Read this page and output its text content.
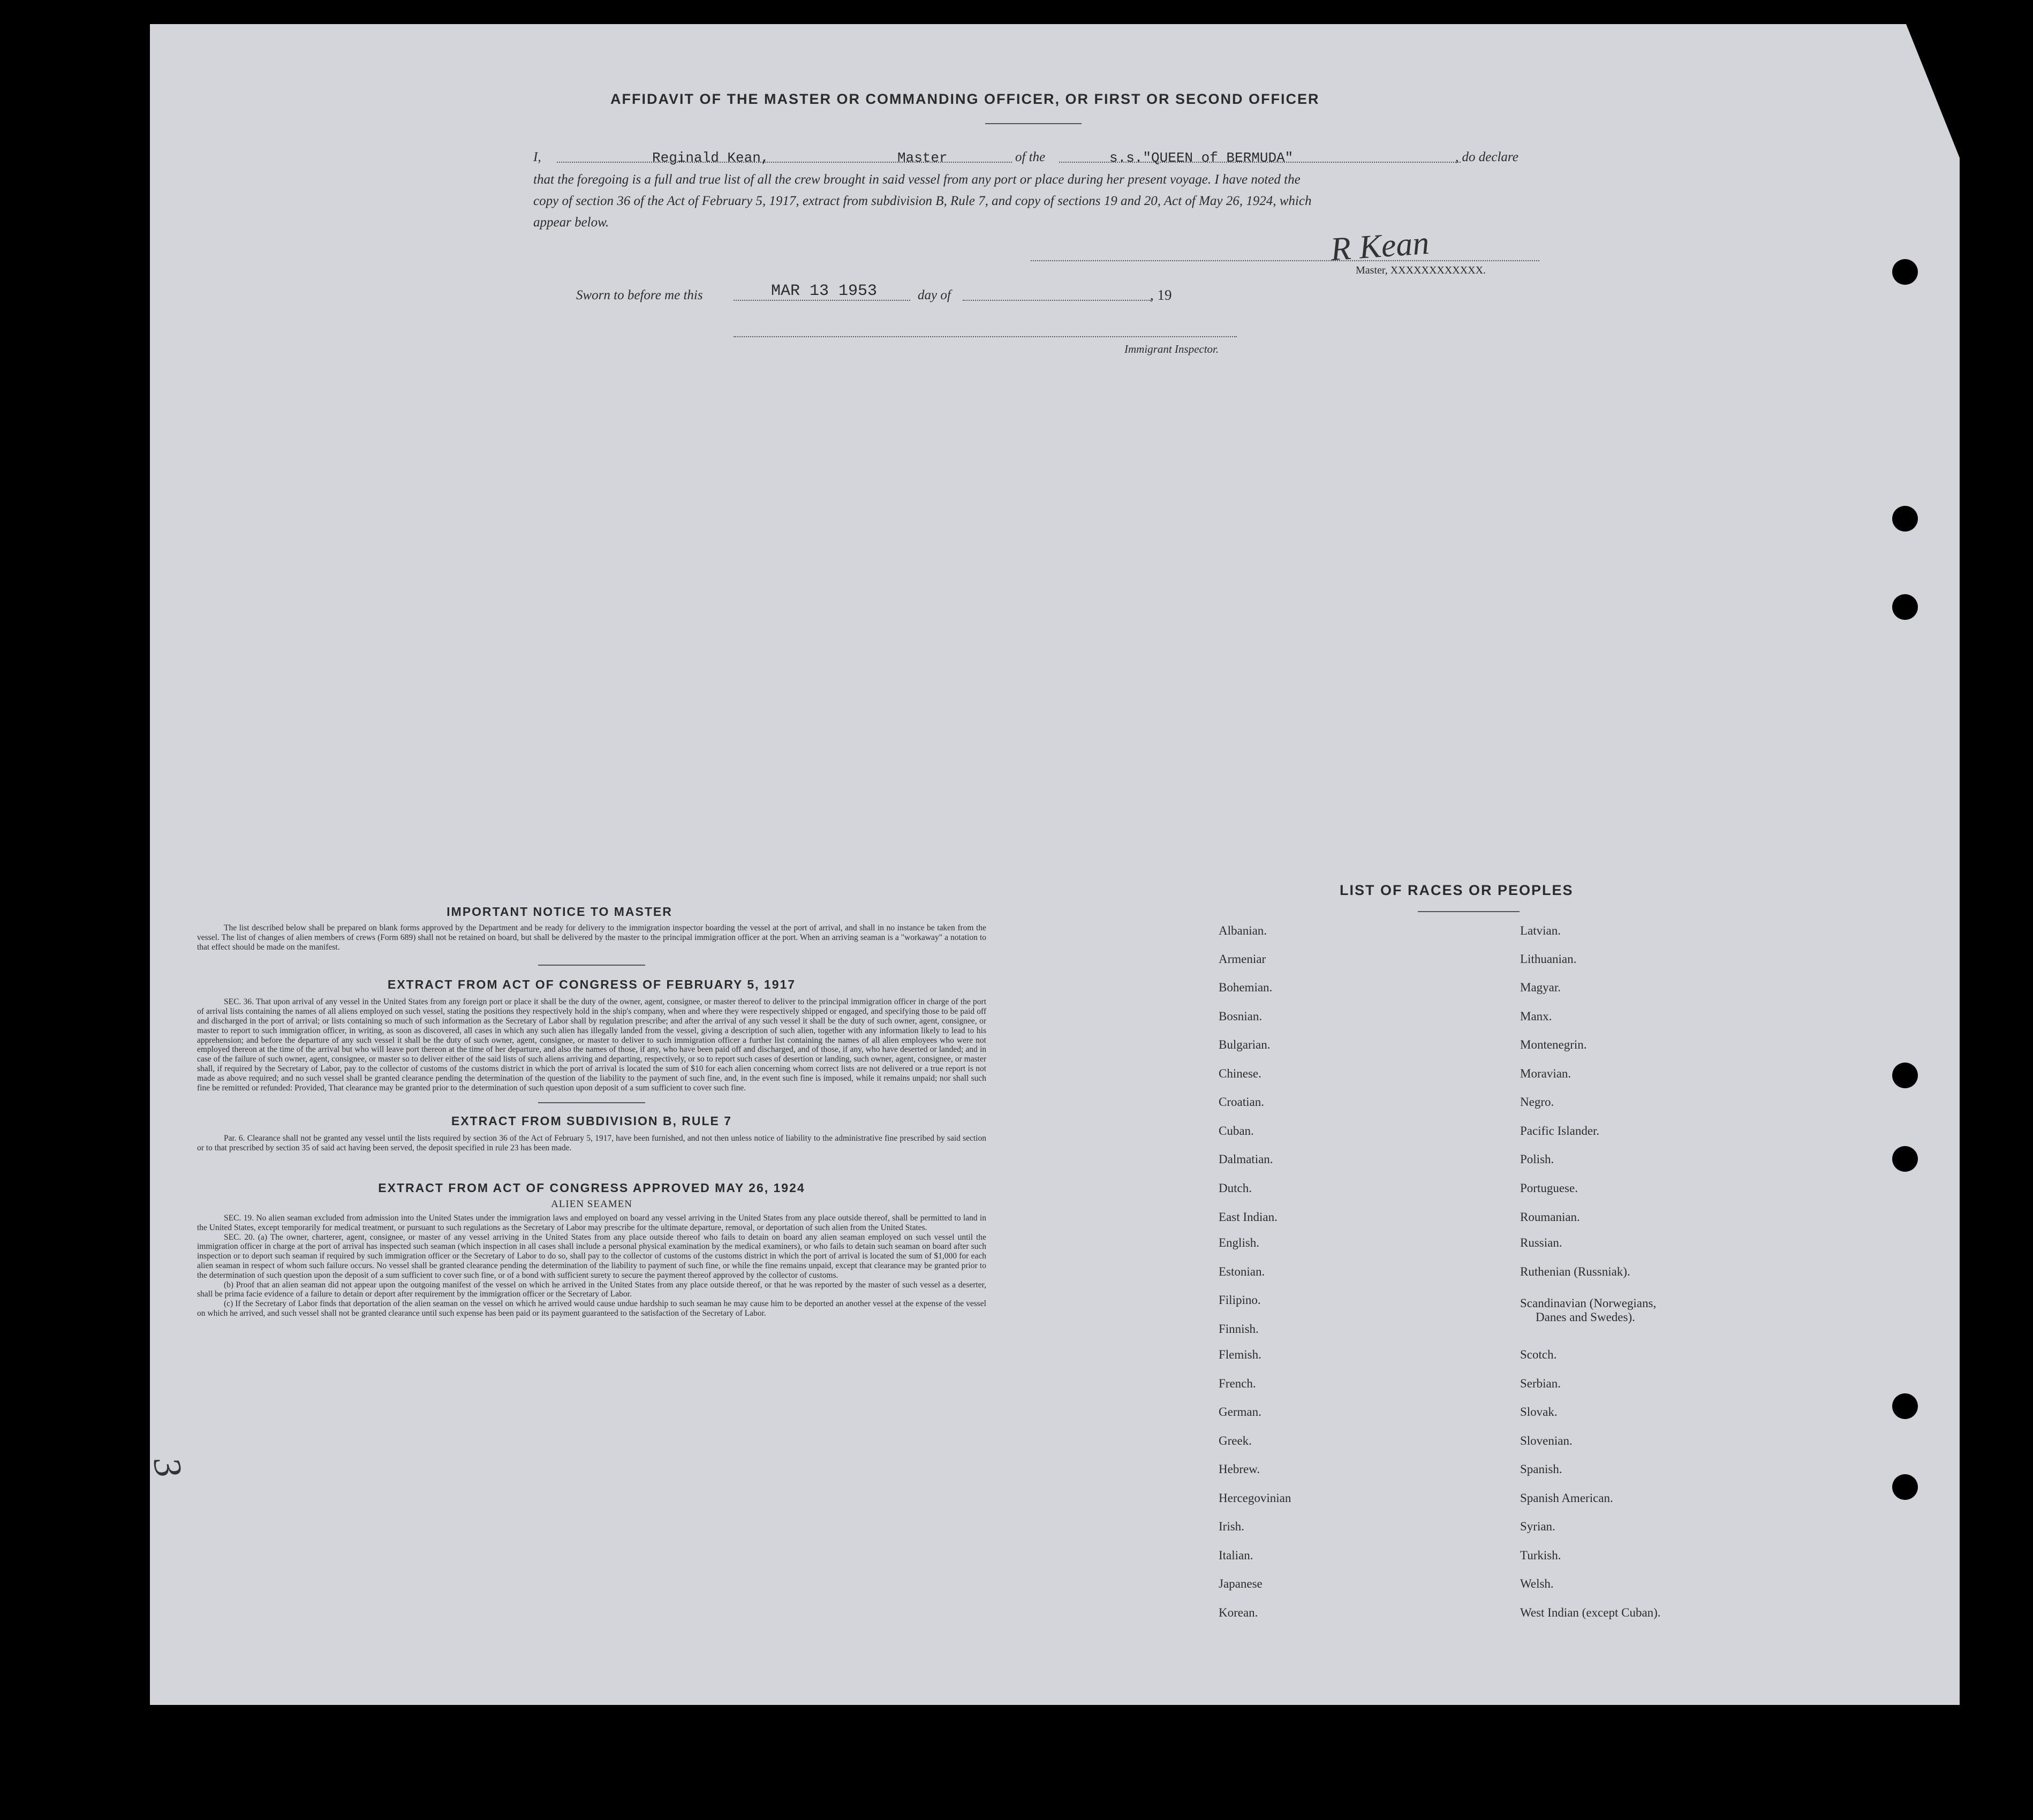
AFFIDAVIT OF THE MASTER OR COMMANDING OFFICER, OR FIRST OR SECOND OFFICER
I,	Reginald Kean,	Master	of the	s.s."QUEEN of BERMUDA"	, do declare
that the foregoing is a full and true list of all the crew brought in said vessel from any port or place during her present voyage. I have noted the
copy of section 36 of the Act of February 5, 1917, extract from subdivision B, Rule 7, and copy of sections 19 and 20, Act of May 26, 1924, which
appear below.
R Kean
Master, XXXXXXXXXXXX.
Sworn to before me this	MAR 13 1953	day of	, 19
Immigrant Inspector.
IMPORTANT NOTICE TO MASTER
The list described below shall be prepared on blank forms approved by the Department and be ready for delivery to the immigration inspector boarding the vessel at the port of arrival, and shall in no instance be taken from the vessel. The list of changes of alien members of crews (Form 689) shall not be retained on board, but shall be delivered by the master to the principal immigration officer at the port. When an arriving seaman is a "workaway" a notation to that effect should be made on the manifest.
EXTRACT FROM ACT OF CONGRESS OF FEBRUARY 5, 1917
SEC. 36. That upon arrival of any vessel in the United States from any foreign port or place it shall be the duty of the owner, agent, consignee, or master thereof to deliver to the principal immigration officer in charge of the port of arrival lists containing the names of all aliens employed on such vessel, stating the positions they respectively hold in the ship's company, when and where they were respectively shipped or engaged, and specifying those to be paid off and discharged in the port of arrival; or lists containing so much of such information as the Secretary of Labor shall by regulation prescribe; and after the arrival of any such vessel it shall be the duty of such owner, agent, consignee, or master to report to such immigration officer, in writing, as soon as discovered, all cases in which any such alien has illegally landed from the vessel, giving a description of such alien, together with any information likely to lead to his apprehension; and before the departure of any such vessel it shall be the duty of such owner, agent, consignee, or master to deliver to such immigration officer a further list containing the names of all alien employees who were not employed thereon at the time of the arrival but who will leave port thereon at the time of her departure, and also the names of those, if any, who have been paid off and discharged, and of those, if any, who have deserted or landed; and in case of the failure of such owner, agent, consignee, or master so to deliver either of the said lists of such aliens arriving and departing, respectively, or so to report such cases of desertion or landing, such owner, agent, consignee, or master shall, if required by the Secretary of Labor, pay to the collector of customs of the customs district in which the port of arrival is located the sum of $10 for each alien concerning whom correct lists are not delivered or a true report is not made as above required; and no such vessel shall be granted clearance pending the determination of the question of the liability to the payment of such fine, and, in the event such fine is imposed, while it remains unpaid; nor shall such fine be remitted or refunded: Provided, That clearance may be granted prior to the determination of such question upon deposit of a sum sufficient to cover such fine.
EXTRACT FROM SUBDIVISION B, RULE 7
Par. 6. Clearance shall not be granted any vessel until the lists required by section 36 of the Act of February 5, 1917, have been furnished, and not then unless notice of liability to the administrative fine prescribed by said section or to that prescribed by section 35 of said act having been served, the deposit specified in rule 23 has been made.
EXTRACT FROM ACT OF CONGRESS APPROVED MAY 26, 1924
ALIEN SEAMEN
SEC. 19. No alien seaman excluded from admission into the United States under the immigration laws and employed on board any vessel arriving in the United States from any place outside thereof, shall be permitted to land in the United States, except temporarily for medical treatment, or pursuant to such regulations as the Secretary of Labor may prescribe for the ultimate departure, removal, or deportation of such alien from the United States.
SEC. 20. (a) The owner, charterer, agent, consignee, or master of any vessel arriving in the United States from any place outside thereof who fails to detain on board any alien seaman employed on such vessel until the immigration officer in charge at the port of arrival has inspected such seaman (which inspection in all cases shall include a personal physical examination by the medical examiners), or who fails to detain such seaman on board after such inspection or to deport such seaman if required by such immigration officer or the Secretary of Labor to do so, shall pay to the collector of customs of the customs district in which the port of arrival is located the sum of $1,000 for each alien seaman in respect of whom such failure occurs. No vessel shall be granted clearance pending the determination of the liability to payment of such fine, or while the fine remains unpaid, except that clearance may be granted prior to the determination of such question upon the deposit of a sum sufficient to cover such fine, or of a bond with sufficient surety to secure the payment thereof approved by the collector of customs.
(b) Proof that an alien seaman did not appear upon the outgoing manifest of the vessel on which he arrived in the United States from any place outside thereof, or that he was reported by the master of such vessel as a deserter, shall be prima facie evidence of a failure to detain or deport after requirement by the immigration officer or the Secretary of Labor.
(c) If the Secretary of Labor finds that deportation of the alien seaman on the vessel on which he arrived would cause undue hardship to such seaman he may cause him to be deported an another vessel at the expense of the vessel on which he arrived, and such vessel shall not be granted clearance until such expense has been paid or its payment guaranteed to the satisfaction of the Secretary of Labor.
3
LIST OF RACES OR PEOPLES
Albanian.
Armeniar
Bohemian.
Bosnian.
Bulgarian.
Chinese.
Croatian.
Cuban.
Dalmatian.
Dutch.
East Indian.
English.
Estonian.
Filipino.
Finnish.
Flemish.
French.
German.
Greek.
Hebrew.
Hercegovinian
Irish.
Italian.
Japanese
Korean.
Latvian.
Lithuanian.
Magyar.
Manx.
Montenegrin.
Moravian.
Negro.
Pacific Islander.
Polish.
Portuguese.
Roumanian.
Russian.
Ruthenian (Russniak).
Scandinavian (Norwegians,
Danes and Swedes).
Scotch.
Serbian.
Slovak.
Slovenian.
Spanish.
Spanish American.
Syrian.
Turkish.
Welsh.
West Indian (except Cuban).
